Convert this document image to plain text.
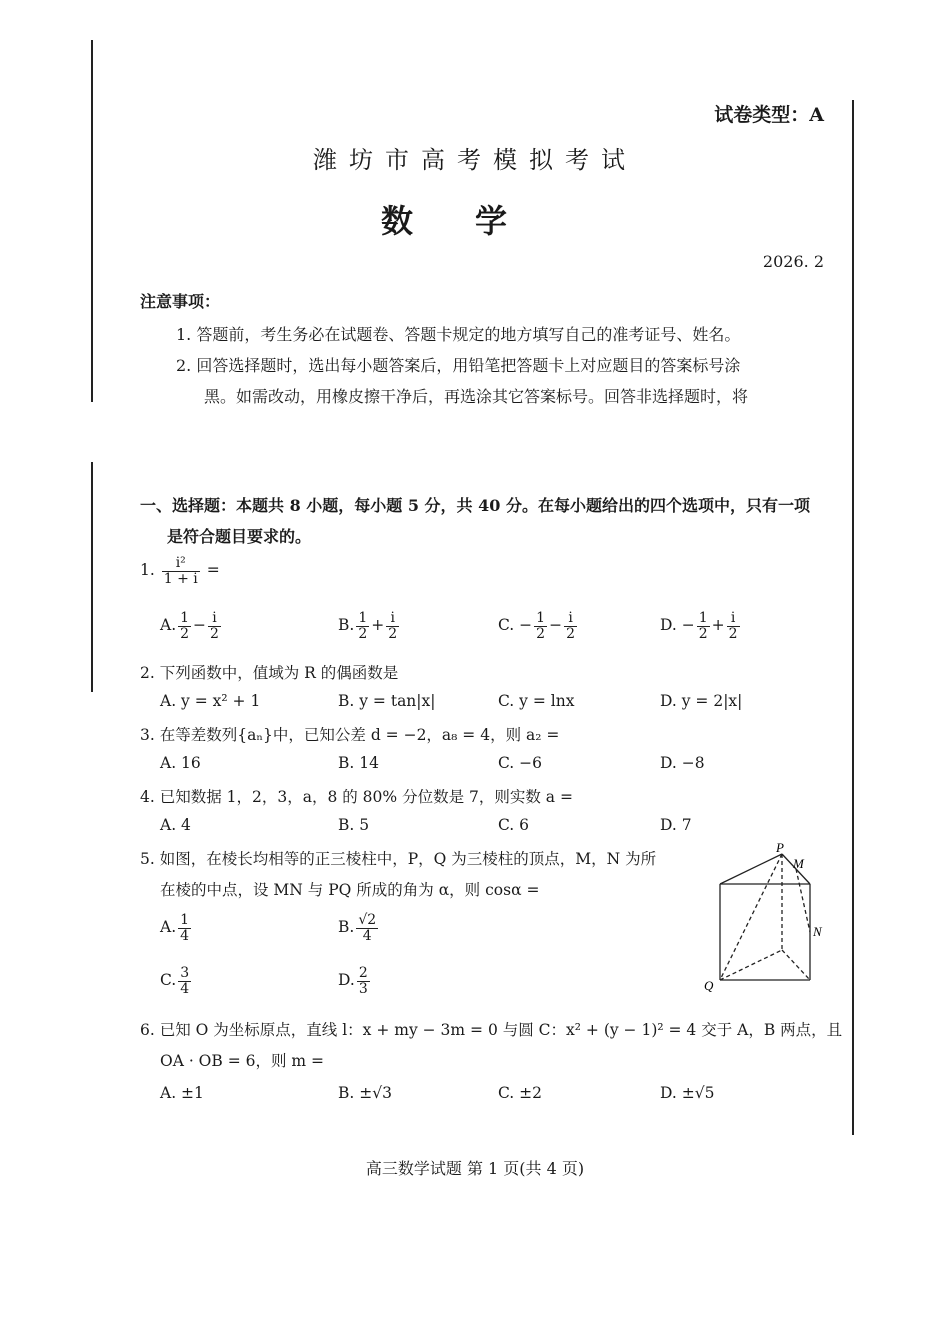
试卷类型：A
潍坊市高考模拟考试
数学
2026. 2
注意事项：
1. 答题前，考生务必在试题卷、答题卡规定的地方填写自己的准考证号、姓名。
2. 回答选择题时，选出每小题答案后，用铅笔把答题卡上对应题目的答案标号涂
黑。如需改动，用橡皮擦干净后，再选涂其它答案标号。回答非选择题时，将
一、选择题：本题共 8 小题，每小题 5 分，共 40 分。在每小题给出的四个选项中，只有一项
是符合题目要求的。
1. $\frac{\text{i²}}{1 + i}$ =
A. $\frac{1}{2} - \frac{i}{2}$	B. $\frac{1}{2} + \frac{i}{2}$	C. − $\frac{1}{2} - \frac{i}{2}$	D. − $\frac{1}{2} + \frac{i}{2}$
2. 下列函数中，值域为 R 的偶函数是
A. y = x² + 1	B. y = tan|x|	C. y = lnx	D. y = 2|x|
3. 在等差数列{aₙ}中，已知公差 d = −2，a₈ = 4，则 a₂ =
A. 16	B. 14	C. −6	D. −8
4. 已知数据 1，2，3，a，8 的 80% 分位数是 7，则实数 a =
A. 4	B. 5	C. 6	D. 7
5. 如图，在棱长均相等的正三棱柱中，P，Q 为三棱柱的顶点，M，N 为所
在棱的中点，设 MN 与 PQ 所成的角为 α，则 cosα =
A. $\frac{1}{4}$	B. $\frac{√2}{4}$
C. $\frac{3}{4}$	D. $\frac{2}{3}$
P
M
N
Q
6. 已知 O 为坐标原点，直线 l：x + my − 3m = 0 与圆 C：x² + (y − 1)² = 4 交于 A，B 两点，且
OA · OB = 6，则 m =
A. ±1	B. ±√3	C. ±2	D. ±√5
高三数学试题 第 1 页(共 4 页)
